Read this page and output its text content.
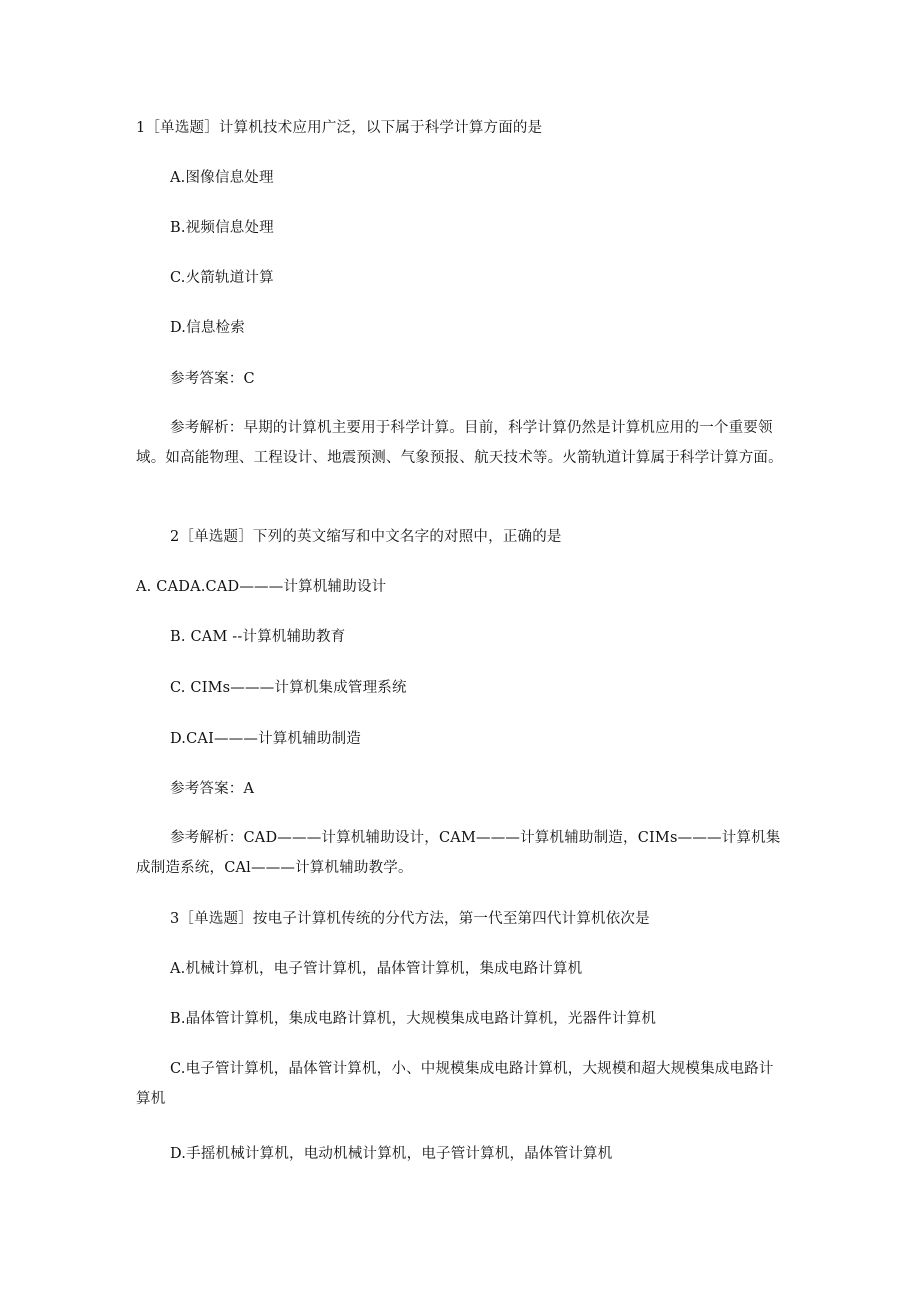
1［单选题］计算机技术应用广泛，以下属于科学计算方面的是
A.图像信息处理
B.视频信息处理
C.火箭轨道计算
D.信息检索
参考答案：C
参考解析：早期的计算机主要用于科学计算。目前，科学计算仍然是计算机应用的一个重要领域。如高能物理、工程设计、地震预测、气象预报、航天技术等。火箭轨道计算属于科学计算方面。
2［单选题］下列的英文缩写和中文名字的对照中，正确的是
A. CADA.CAD———计算机辅助设计
B. CAM --计算机辅助教育
C. CIMs———计算机集成管理系统
D.CAI———计算机辅助制造
参考答案：A
参考解析：CAD———计算机辅助设计，CAM———计算机辅助制造，CIMs———计算机集成制造系统，CAl———计算机辅助教学。
3［单选题］按电子计算机传统的分代方法，第一代至第四代计算机依次是
A.机械计算机，电子管计算机，晶体管计算机，集成电路计算机
B.晶体管计算机，集成电路计算机，大规模集成电路计算机，光器件计算机
C.电子管计算机，晶体管计算机，小、中规模集成电路计算机，大规模和超大规模集成电路计算机
D.手摇机械计算机，电动机械计算机，电子管计算机，晶体管计算机
